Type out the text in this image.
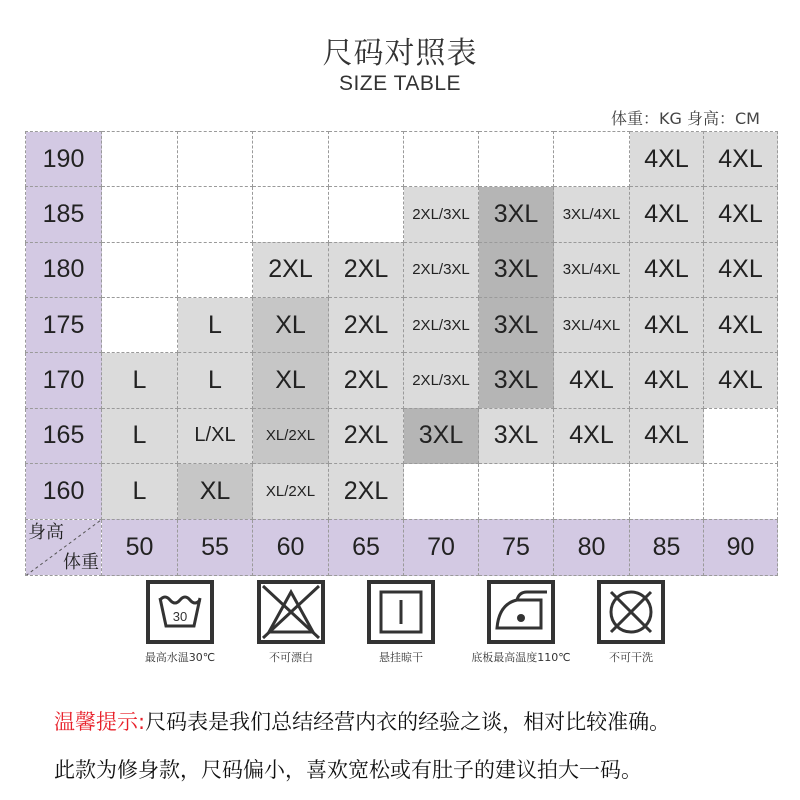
尺码对照表
SIZE TABLE
体重：KG 身高：CM
190								4XL	4XL
185					2XL/3XL	3XL	3XL/4XL	4XL	4XL
180			2XL	2XL	2XL/3XL	3XL	3XL/4XL	4XL	4XL
175		L	XL	2XL	2XL/3XL	3XL	3XL/4XL	4XL	4XL
170	L	L	XL	2XL	2XL/3XL	3XL	4XL	4XL	4XL
165	L	L/XL	XL/2XL	2XL	3XL	3XL	4XL	4XL	
160	L	XL	XL/2XL	2XL					

身高
体重	50	55	60	65	70	75	80	85	90
30
最高水温30℃	不可漂白	悬挂晾干	底板最高温度110℃	不可干洗
温馨提示:尺码表是我们总结经营内衣的经验之谈，相对比较准确。
此款为修身款，尺码偏小，喜欢宽松或有肚子的建议拍大一码。
